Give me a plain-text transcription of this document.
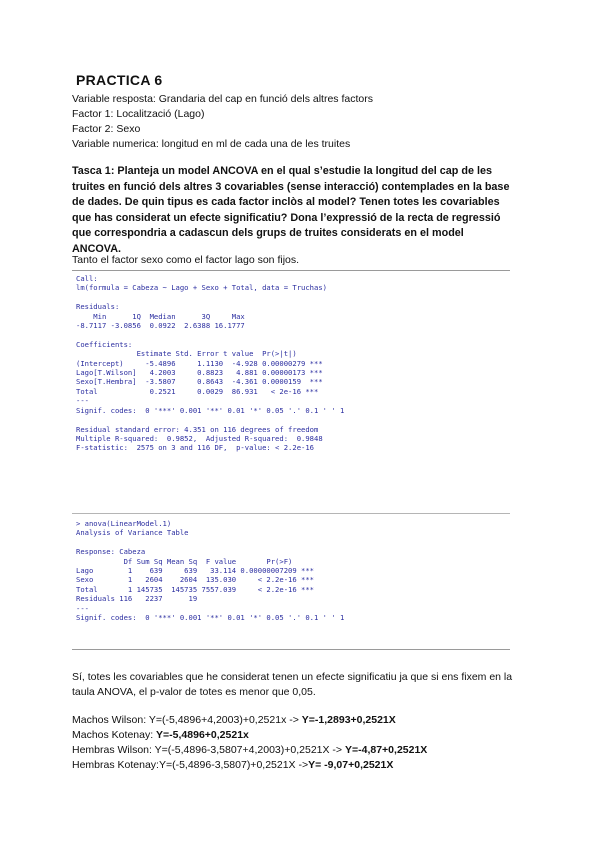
PRACTICA 6
Variable resposta: Grandaria del cap en funció dels altres factors
Factor 1: Localització (Lago)
Factor 2: Sexo
Variable numerica: longitud en ml de cada una de les truites
Tasca 1: Planteja un model ANCOVA en el qual s’estudie la longitud del cap de les truites en funció dels altres 3 covariables (sense interacció) contemplades en la base de dades. De quin tipus es cada factor inclòs al model? Tenen totes les covariables que has considerat un efecte significatiu? Dona l’expressió de la recta de regressió que correspondria a cadascun dels grups de truites considerats en el model ANCOVA.
Tanto el factor sexo como el factor lago son fijos.

Call:
lm(formula = Cabeza ~ Lago + Sexo + Total, data = Truchas)

Residuals:
Min      1Q  Median      3Q     Max
-8.7117 -3.0856  0.0922  2.6388 16.1777

Coefficients:
Estimate Std. Error t value  Pr(>|t|)
(Intercept)     -5.4896     1.1130  -4.928 0.00000279 ***
Lago[T.Wilson]   4.2003     0.8823   4.881 0.00000173 ***
Sexo[T.Hembra]  -3.5807     0.8643  -4.361 0.0000159  ***
Total            0.2521     0.0029  86.931   < 2e-16 ***
---
Signif. codes:  0 '***' 0.001 '**' 0.01 '*' 0.05 '.' 0.1 ' ' 1

Residual standard error: 4.351 on 116 degrees of freedom
Multiple R-squared:  0.9852,  Adjusted R-squared:  0.9848
F-statistic:  2575 on 3 and 116 DF,  p-value: < 2.2e-16

> anova(LinearModel.1)
Analysis of Variance Table

Response: Cabeza
Df Sum Sq Mean Sq  F value       Pr(>F)
Lago        1    639     639   33.114 0.00000007209 ***
Sexo        1   2604    2604  135.030     < 2.2e-16 ***
Total       1 145735  145735 7557.039     < 2.2e-16 ***
Residuals 116   2237      19
---
Signif. codes:  0 '***' 0.001 '**' 0.01 '*' 0.05 '.' 0.1 ' ' 1

Sí, totes les covariables que he considerat tenen un efecte significatiu ja que si ens fixem en la taula ANOVA, el p-valor de totes es menor que 0,05.
Machos Wilson: Y=(-5,4896+4,2003)+0,2521x -> Y=-1,2893+0,2521X
Machos Kotenay: Y=-5,4896+0,2521x
Hembras Wilson: Y=(-5,4896-3,5807+4,2003)+0,2521X -> Y=-4,87+0,2521X
Hembras Kotenay:Y=(-5,4896-3,5807)+0,2521X ->Y= -9,07+0,2521X
